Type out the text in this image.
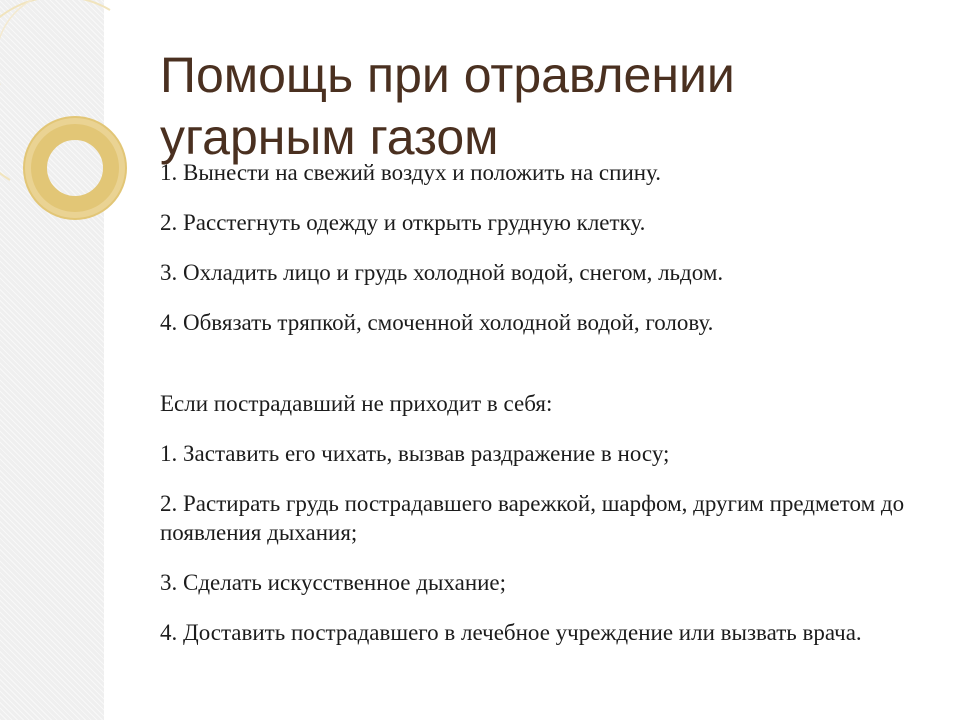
Помощь при отравлении угарным газом

1. Вынести на свежий воздух и положить на спину.

2. Расстегнуть одежду и открыть грудную клетку.

3. Охладить лицо и грудь холодной водой, снегом, льдом.

4. Обвязать тряпкой, смоченной холодной водой, голову.

Если пострадавший не приходит в себя:

1. Заставить его чихать, вызвав раздражение в носу;

2. Растирать грудь пострадавшего варежкой, шарфом, другим предметом до появления дыхания;

3. Сделать искусственное дыхание;

4. Доставить пострадавшего в лечебное учреждение или вызвать врача.
